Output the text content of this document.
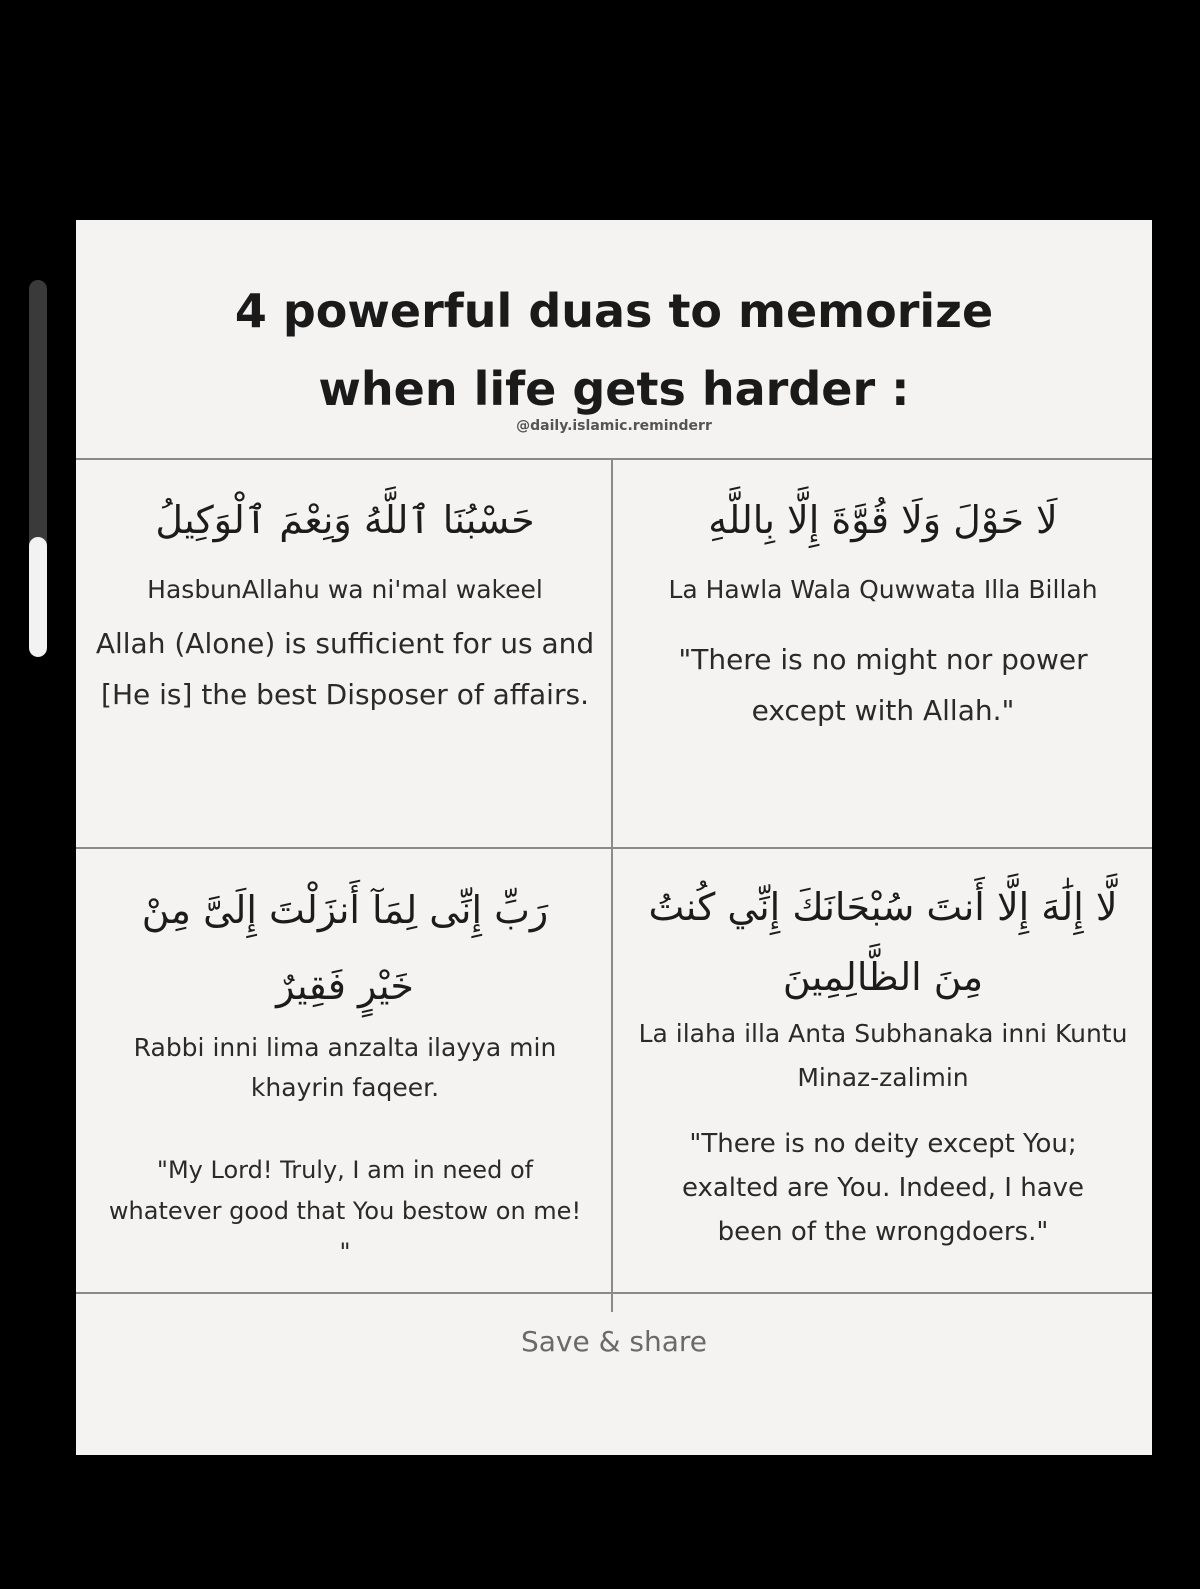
4 powerful duas to memorize
when life gets harder :
@daily.islamic.reminderr

حَسْبُنَا ٱللَّهُ وَنِعْمَ ٱلْوَكِيلُ

HasbunAllahu wa ni'mal wakeel

Allah (Alone) is sufficient for us and [He is] the best Disposer of affairs.

لَا حَوْلَ وَلَا قُوَّةَ إِلَّا بِاللَّهِ

La Hawla Wala Quwwata Illa Billah

"There is no might nor power except with Allah."

رَبِّ إِنِّى لِمَآ أَنزَلْتَ إِلَىَّ مِنْ خَيْرٍ فَقِيرٌ

Rabbi inni lima anzalta ilayya min khayrin faqeer.

"My Lord! Truly, I am in need of whatever good that You bestow on me! "

لَّا إِلَٰهَ إِلَّا أَنتَ سُبْحَانَكَ إِنِّي كُنتُ مِنَ الظَّالِمِينَ

La ilaha illa Anta Subhanaka inni Kuntu Minaz-zalimin

"There is no deity except You; exalted are You. Indeed, I have been of the wrongdoers."

Save & share
